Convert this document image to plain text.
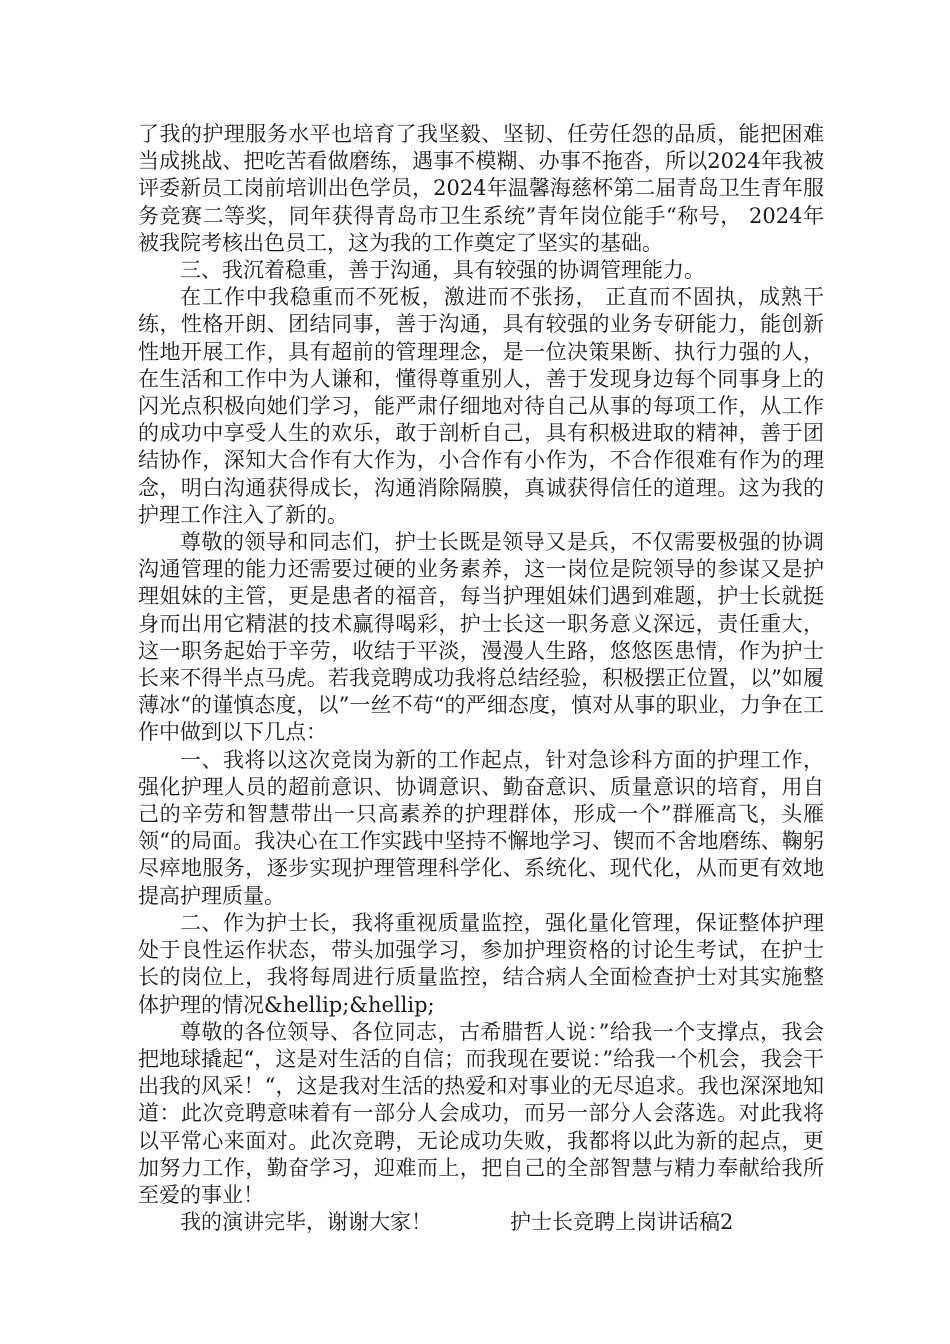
了我的护理服务水平也培育了我坚毅、坚韧、任劳任怨的品质，能把困难当成挑战、把吃苦看做磨练，遇事不模糊、办事不拖沓，所以2024年我被评委新员工岗前培训出色学员，2024年温馨海慈杯第二届青岛卫生青年服务竞赛二等奖，同年获得青岛市卫生系统”青年岗位能手“称号， 2024年被我院考核出色员工，这为我的工作奠定了坚实的基础。

三、我沉着稳重，善于沟通，具有较强的协调管理能力。

在工作中我稳重而不死板，激进而不张扬， 正直而不固执，成熟干练，性格开朗、团结同事，善于沟通，具有较强的业务专研能力，能创新性地开展工作，具有超前的管理理念，是一位决策果断、执行力强的人，在生活和工作中为人谦和，懂得尊重别人，善于发现身边每个同事身上的闪光点积极向她们学习，能严肃仔细地对待自己从事的每项工作，从工作的成功中享受人生的欢乐，敢于剖析自己，具有积极进取的精神，善于团结协作，深知大合作有大作为，小合作有小作为，不合作很难有作为的理念，明白沟通获得成长，沟通消除隔膜，真诚获得信任的道理。这为我的护理工作注入了新的。

尊敬的领导和同志们，护士长既是领导又是兵，不仅需要极强的协调沟通管理的能力还需要过硬的业务素养，这一岗位是院领导的参谋又是护理姐妹的主管，更是患者的福音，每当护理姐妹们遇到难题，护士长就挺身而出用它精湛的技术赢得喝彩，护士长这一职务意义深远，责任重大，这一职务起始于辛劳，收结于平淡，漫漫人生路，悠悠医患情，作为护士长来不得半点马虎。若我竞聘成功我将总结经验，积极摆正位置，以”如履薄冰“的谨慎态度，以”一丝不苟“的严细态度，慎对从事的职业，力争在工作中做到以下几点：

一、我将以这次竞岗为新的工作起点，针对急诊科方面的护理工作，强化护理人员的超前意识、协调意识、勤奋意识、质量意识的培育，用自己的辛劳和智慧带出一只高素养的护理群体，形成一个”群雁高飞，头雁领“的局面。我决心在工作实践中坚持不懈地学习、锲而不舍地磨练、鞠躬尽瘁地服务，逐步实现护理管理科学化、系统化、现代化，从而更有效地提高护理质量。

二、作为护士长，我将重视质量监控，强化量化管理，保证整体护理处于良性运作状态，带头加强学习，参加护理资格的讨论生考试，在护士长的岗位上，我将每周进行质量监控，结合病人全面检查护士对其实施整体护理的情况&hellip;&hellip;

尊敬的各位领导、各位同志，古希腊哲人说：”给我一个支撑点，我会把地球撬起“，这是对生活的自信；而我现在要说：”给我一个机会，我会干出我的风采！“，这是我对生活的热爱和对事业的无尽追求。我也深深地知道：此次竞聘意味着有一部分人会成功，而另一部分人会落选。对此我将以平常心来面对。此次竞聘，无论成功失败，我都将以此为新的起点，更加努力工作，勤奋学习，迎难而上，把自己的全部智慧与精力奉献给我所至爱的事业！

我的演讲完毕，谢谢大家！	护士长竞聘上岗讲话稿2
